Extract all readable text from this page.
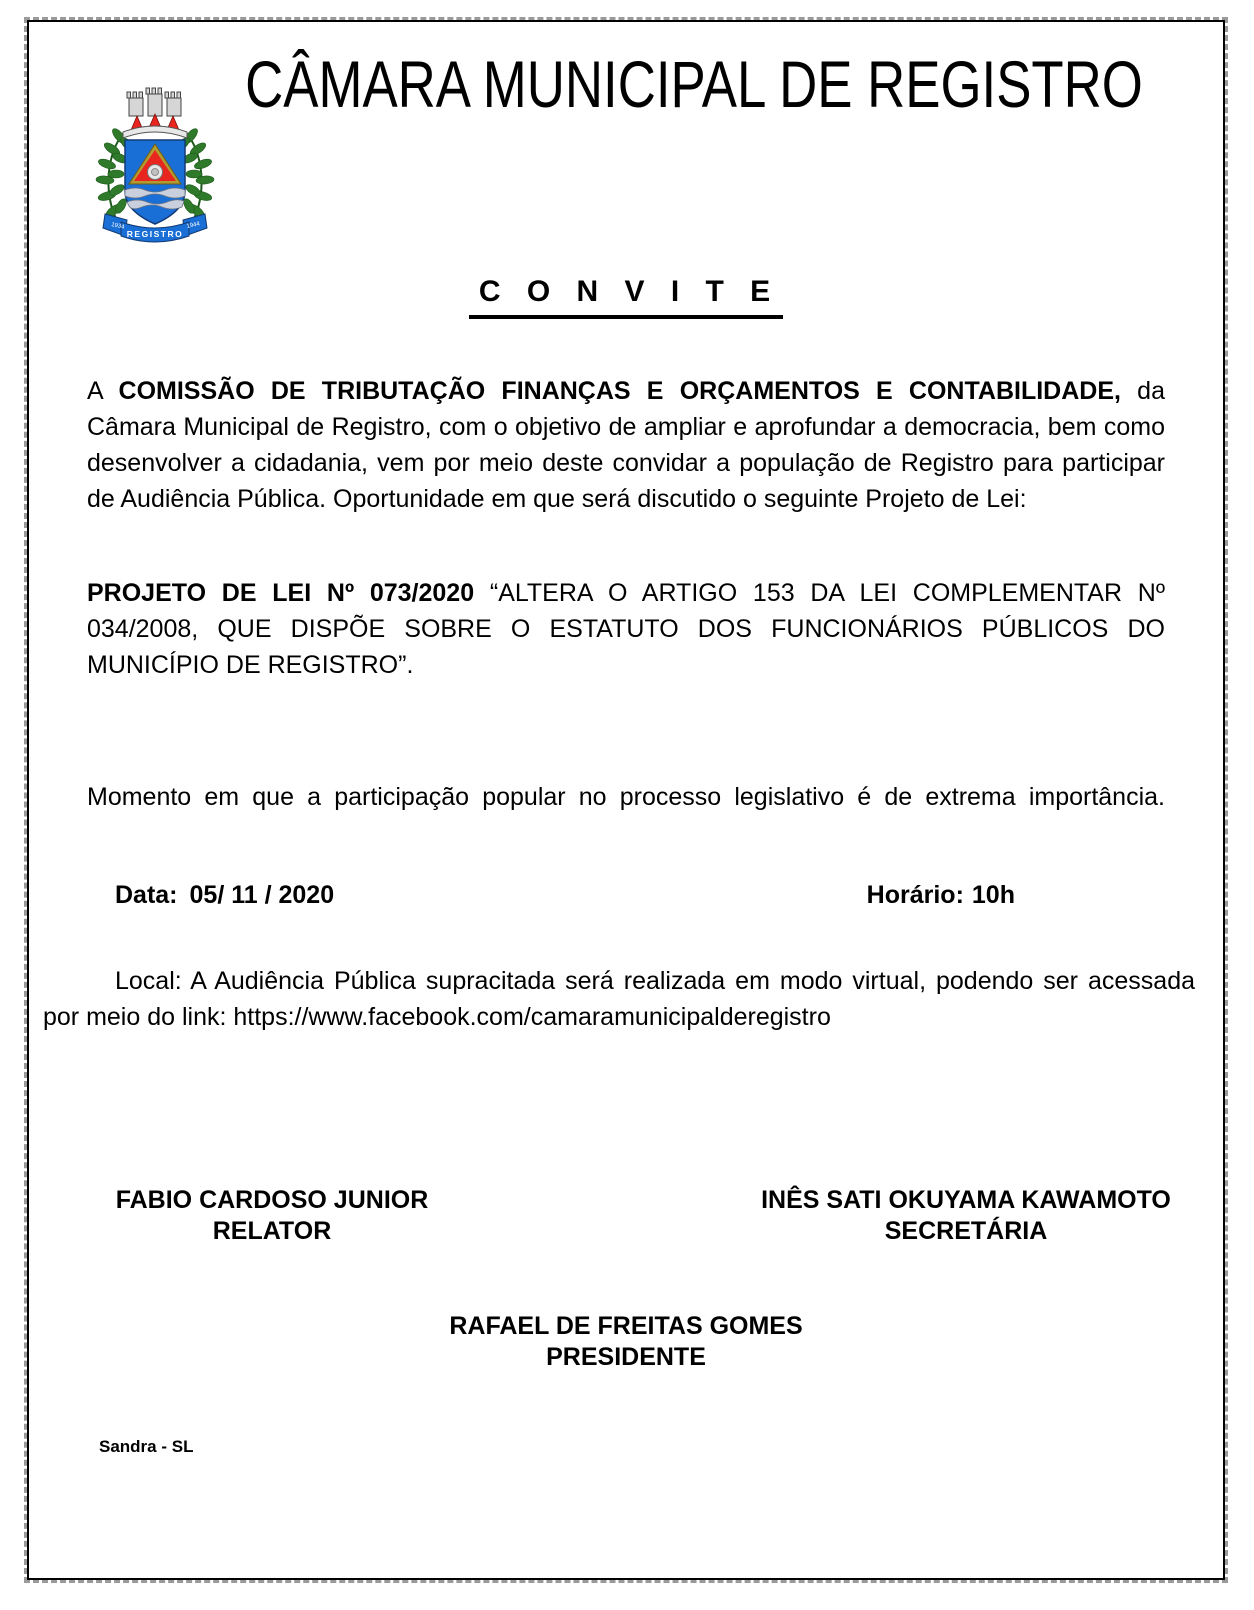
1934	1944
REGISTRO
CÂMARA MUNICIPAL DE REGISTRO
C O N V I T E

A COMISSÃO DE TRIBUTAÇÃO FINANÇAS E ORÇAMENTOS E CONTABILIDADE, da Câmara Municipal de Registro, com o objetivo de ampliar e aprofundar a democracia, bem como desenvolver a cidadania, vem por meio deste convidar a população de Registro para participar de Audiência Pública. Oportunidade em que será discutido o seguinte Projeto de Lei:

PROJETO DE LEI Nº 073/2020 “ALTERA O ARTIGO 153 DA LEI COMPLEMENTAR Nº 034/2008, QUE DISPÕE SOBRE O ESTATUTO DOS FUNCIONÁRIOS PÚBLICOS DO MUNICÍPIO DE REGISTRO”.

Momento em que a participação popular no processo legislativo é de extrema importância.

Data: 05/ 11 / 2020	Horário: 10h

Local: A Audiência Pública supracitada será realizada em modo virtual, podendo ser acessada por meio do link: https://www.facebook.com/camaramunicipalderegistro

FABIO CARDOSO JUNIOR
RELATOR
INÊS SATI OKUYAMA KAWAMOTO
SECRETÁRIA
RAFAEL DE FREITAS GOMES
PRESIDENTE
Sandra - SL
